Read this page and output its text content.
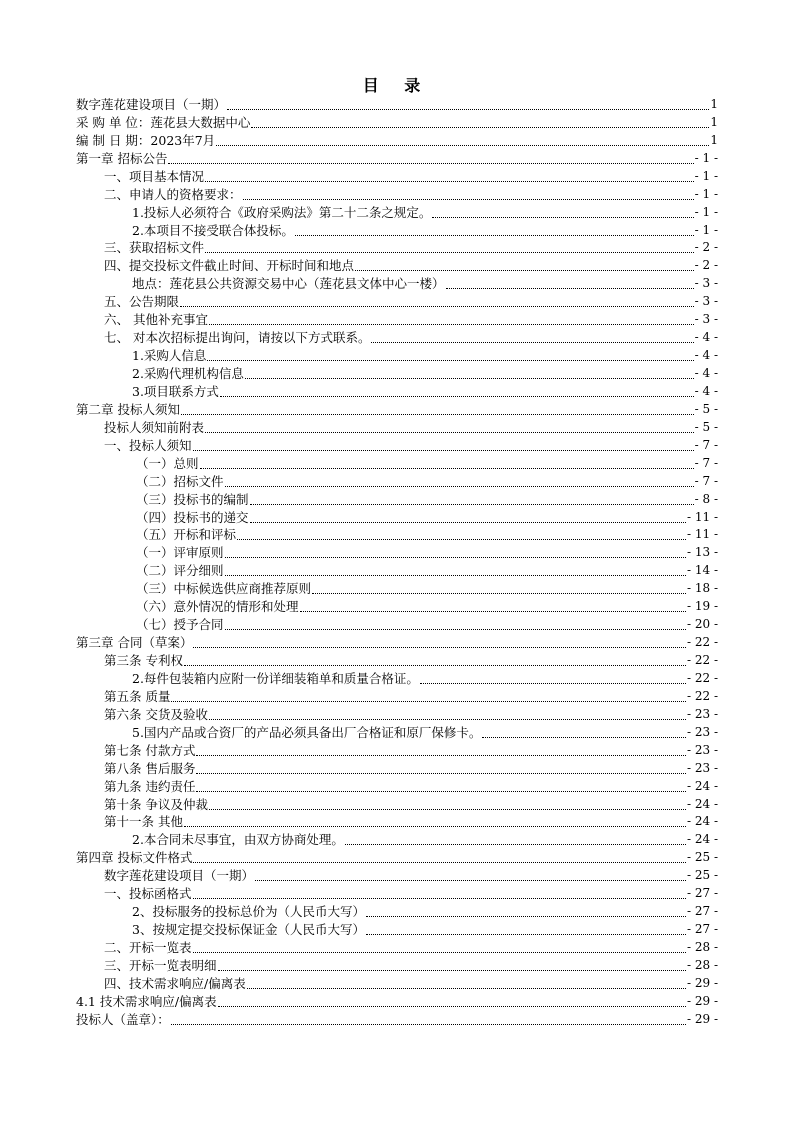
目 录
数字莲花建设项目（一期）	1
采 购 单 位：莲花县大数据中心	1
编 制 日 期：2023年7月	1
第一章 招标公告	- 1 -
一、项目基本情况	- 1 -
二、申请人的资格要求：	- 1 -
1.投标人必须符合《政府采购法》第二十二条之规定。	- 1 -
2.本项目不接受联合体投标。	- 1 -
三、获取招标文件	- 2 -
四、提交投标文件截止时间、开标时间和地点	- 2 -
地点：莲花县公共资源交易中心（莲花县文体中心一楼）	- 3 -
五、公告期限	- 3 -
六、 其他补充事宜	- 3 -
七、 对本次招标提出询问，请按以下方式联系。	- 4 -
1.采购人信息	- 4 -
2.采购代理机构信息	- 4 -
3.项目联系方式	- 4 -
第二章 投标人须知	- 5 -
投标人须知前附表	- 5 -
一、投标人须知	- 7 -
（一）总则	- 7 -
（二）招标文件	- 7 -
（三）投标书的编制	- 8 -
（四）投标书的递交	- 11 -
（五）开标和评标	- 11 -
（一）评审原则	- 13 -
（二）评分细则	- 14 -
（三）中标候选供应商推荐原则	- 18 -
（六）意外情况的情形和处理	- 19 -
（七）授予合同	- 20 -
第三章 合同（草案）	- 22 -
第三条 专利权	- 22 -
2.每件包装箱内应附一份详细装箱单和质量合格证。	- 22 -
第五条 质量	- 22 -
第六条 交货及验收	- 23 -
5.国内产品或合资厂的产品必须具备出厂合格证和原厂保修卡。	- 23 -
第七条 付款方式	- 23 -
第八条 售后服务	- 23 -
第九条 违约责任	- 24 -
第十条 争议及仲裁	- 24 -
第十一条 其他	- 24 -
2.本合同未尽事宜，由双方协商处理。	- 24 -
第四章 投标文件格式	- 25 -
数字莲花建设项目（一期）	- 25 -
一、投标函格式	- 27 -
2、投标服务的投标总价为（人民币大写）	- 27 -
3、按规定提交投标保证金（人民币大写）	- 27 -
二、开标一览表	- 28 -
三、开标一览表明细	- 28 -
四、技术需求响应/偏离表	- 29 -
4.1 技术需求响应/偏离表	- 29 -
投标人（盖章）：	- 29 -
